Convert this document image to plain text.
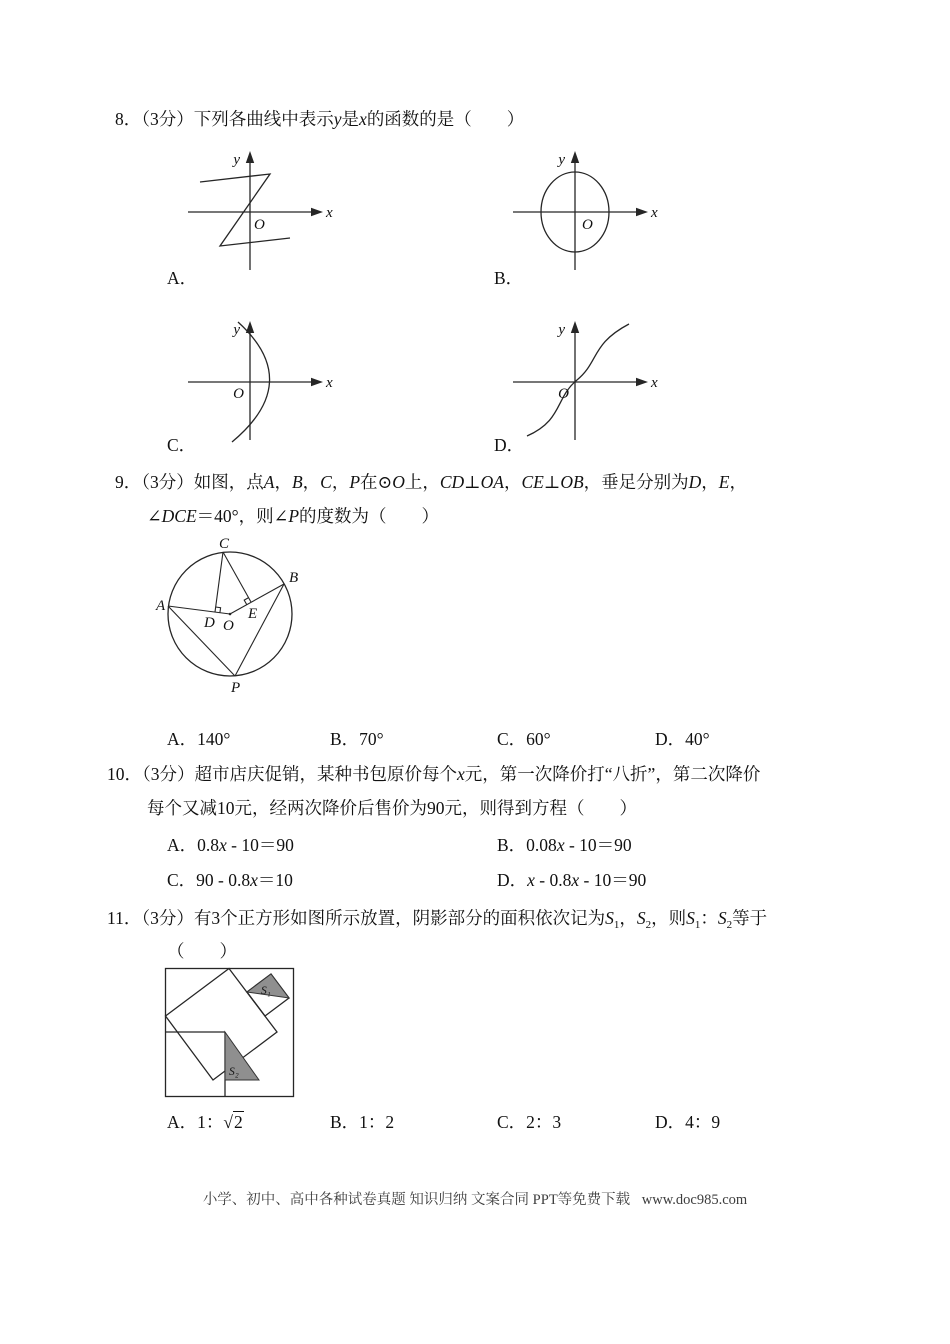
8．（3分）下列各曲线中表示y是x的函数的是（　　）
x
y
O
x
y
O
A．	B．
x
y
O
x
y
O
C．	D．
9．（3分）如图，点A，B，C，P在⊙O上，CD⊥OA，CE⊥OB，垂足分别为D，E，
∠DCE＝40°，则∠P的度数为（　　）
C
A
B
P
D O
E
A．140°	B．70°	C．60°	D．40°
10．（3分）超市店庆促销，某种书包原价每个x元，第一次降价打“八折”，第二次降价
每个又减10元，经两次降价后售价为90元，则得到方程（　　）
A．0.8x - 10＝90	B．0.08x - 10＝90
C．90 - 0.8x＝10	D．x - 0.8x - 10＝90
11．（3分）有3个正方形如图所示放置，阴影部分的面积依次记为$S_1$，$S_2$，则$S_1$：$S_2$等于
（　　）
S₁
S₂
A．1：√2	B．1：2	C．2：3	D．4：9
小学、初中、高中各种试卷真题 知识归纳 文案合同 PPT等免费下载 www.doc985.com
